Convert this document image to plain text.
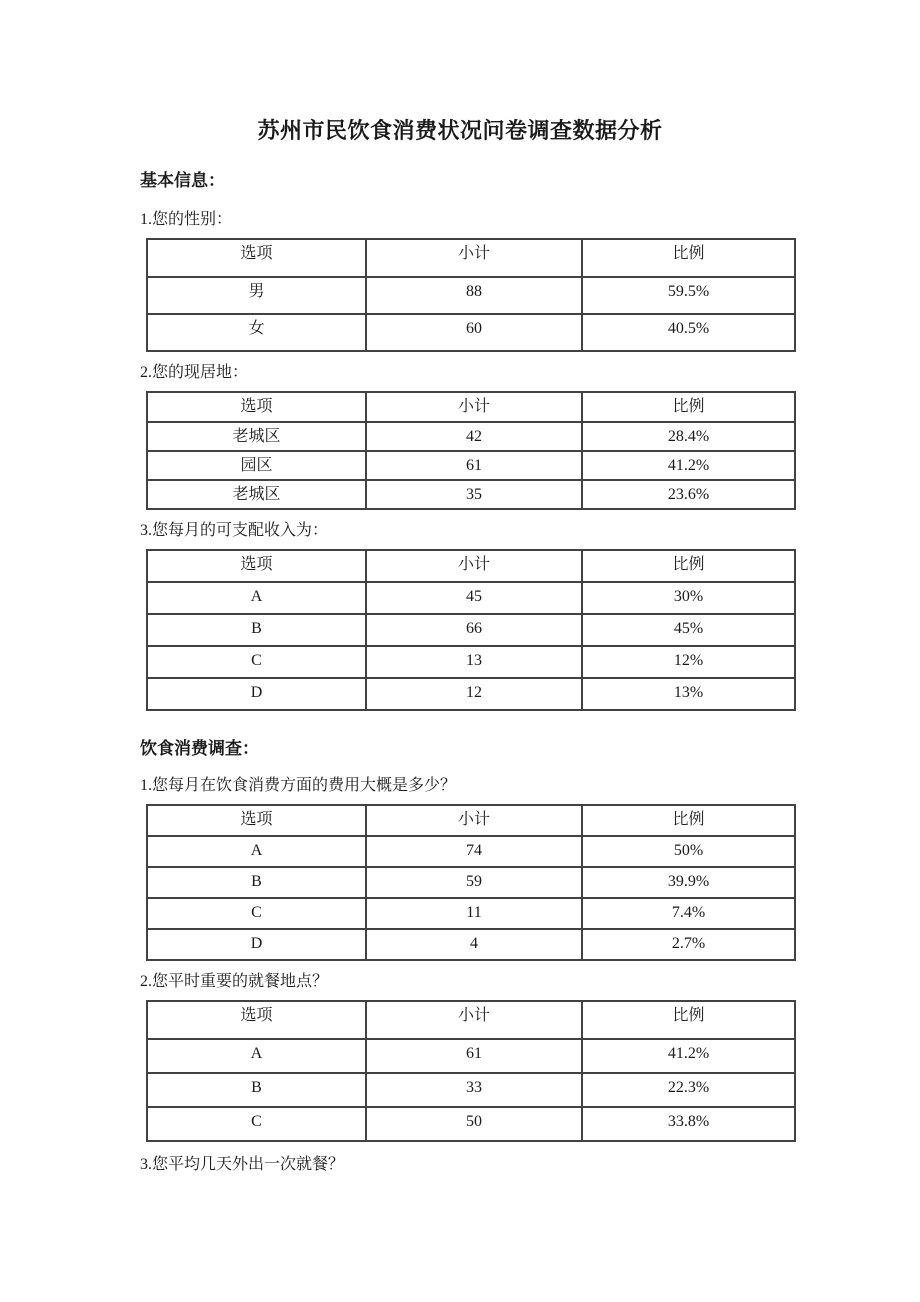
苏州市民饮食消费状况问卷调查数据分析
基本信息：

1.您的性别：

选项	小计	比例
男	88	59.5%
女	60	40.5%

2.您的现居地：

选项	小计	比例
老城区	42	28.4%
园区	61	41.2%
老城区	35	23.6%

3.您每月的可支配收入为：

选项	小计	比例
A	45	30%
B	66	45%
C	13	12%
D	12	13%
饮食消费调查：

1.您每月在饮食消费方面的费用大概是多少？

选项	小计	比例
A	74	50%
B	59	39.9%
C	11	7.4%
D	4	2.7%

2.您平时重要的就餐地点？

选项	小计	比例
A	61	41.2%
B	33	22.3%
C	50	33.8%

3.您平均几天外出一次就餐？
